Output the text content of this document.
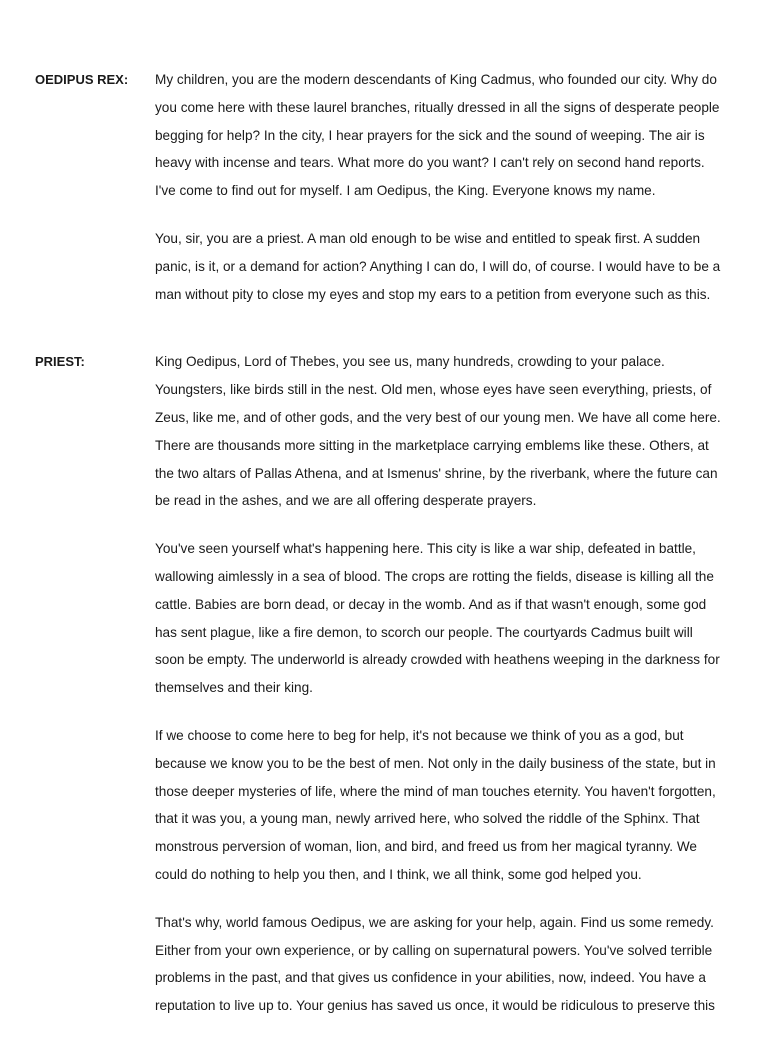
OEDIPUS REX:	My children, you are the modern descendants of King Cadmus, who founded our city. Why do
you come here with these laurel branches, ritually dressed in all the signs of desperate people
begging for help? In the city, I hear prayers for the sick and the sound of weeping. The air is
heavy with incense and tears. What more do you want? I can't rely on second hand reports.
I've come to find out for myself. I am Oedipus, the King. Everyone knows my name.
You, sir, you are a priest. A man old enough to be wise and entitled to speak first. A sudden
panic, is it, or a demand for action? Anything I can do, I will do, of course. I would have to be a
man without pity to close my eyes and stop my ears to a petition from everyone such as this.
PRIEST:	King Oedipus, Lord of Thebes, you see us, many hundreds, crowding to your palace.
Youngsters, like birds still in the nest. Old men, whose eyes have seen everything, priests, of
Zeus, like me, and of other gods, and the very best of our young men. We have all come here.
There are thousands more sitting in the marketplace carrying emblems like these. Others, at
the two altars of Pallas Athena, and at Ismenus' shrine, by the riverbank, where the future can
be read in the ashes, and we are all offering desperate prayers.
You've seen yourself what's happening here. This city is like a war ship, defeated in battle,
wallowing aimlessly in a sea of blood. The crops are rotting the fields, disease is killing all the
cattle. Babies are born dead, or decay in the womb. And as if that wasn't enough, some god
has sent plague, like a fire demon, to scorch our people. The courtyards Cadmus built will
soon be empty. The underworld is already crowded with heathens weeping in the darkness for
themselves and their king.
If we choose to come here to beg for help, it's not because we think of you as a god, but
because we know you to be the best of men. Not only in the daily business of the state, but in
those deeper mysteries of life, where the mind of man touches eternity. You haven't forgotten,
that it was you, a young man, newly arrived here, who solved the riddle of the Sphinx. That
monstrous perversion of woman, lion, and bird, and freed us from her magical tyranny. We
could do nothing to help you then, and I think, we all think, some god helped you.
That's why, world famous Oedipus, we are asking for your help, again. Find us some remedy.
Either from your own experience, or by calling on supernatural powers. You've solved terrible
problems in the past, and that gives us confidence in your abilities, now, indeed. You have a
reputation to live up to. Your genius has saved us once, it would be ridiculous to preserve this
